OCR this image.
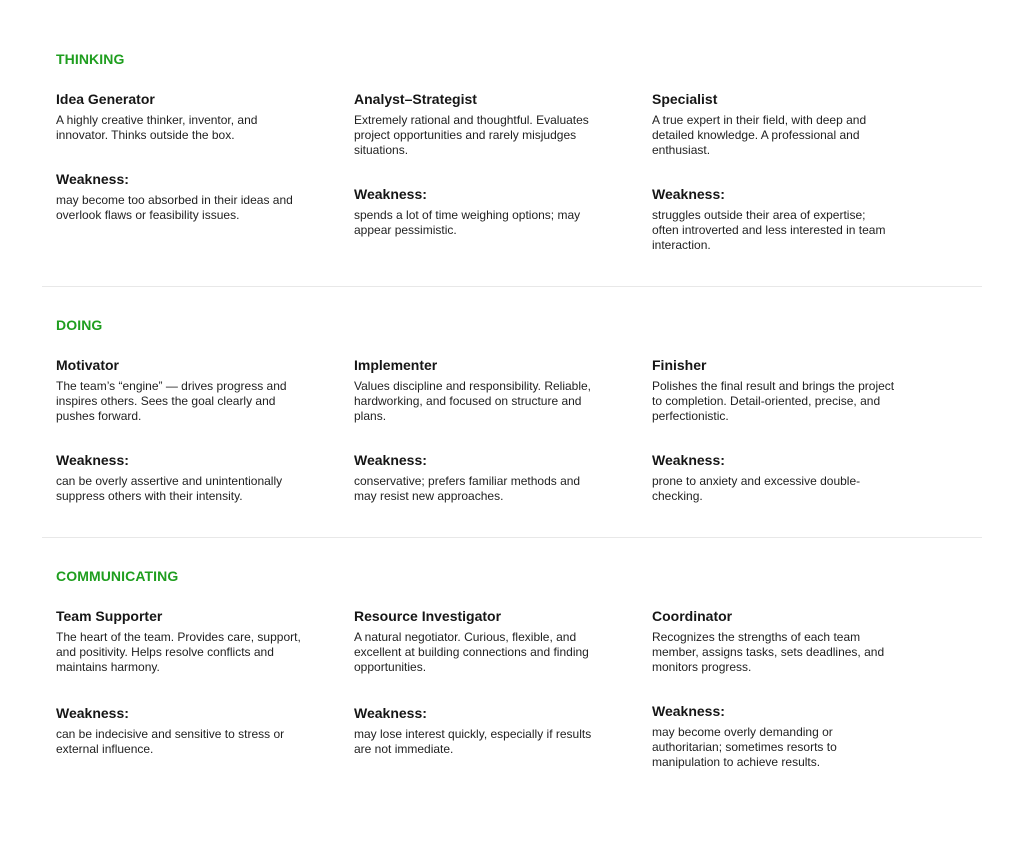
THINKING
Idea Generator
A highly creative thinker, inventor, and
innovator. Thinks outside the box.
Weakness:
may become too absorbed in their ideas and
overlook flaws or feasibility issues.
Analyst–Strategist
Extremely rational and thoughtful. Evaluates
project opportunities and rarely misjudges
situations.
Weakness:
spends a lot of time weighing options; may
appear pessimistic.
Specialist
A true expert in their field, with deep and
detailed knowledge. A professional and
enthusiast.
Weakness:
struggles outside their area of expertise;
often introverted and less interested in team
interaction.
DOING
Motivator
The team’s “engine” — drives progress and
inspires others. Sees the goal clearly and
pushes forward.
Weakness:
can be overly assertive and unintentionally
suppress others with their intensity.
Implementer
Values discipline and responsibility. Reliable,
hardworking, and focused on structure and
plans.
Weakness:
conservative; prefers familiar methods and
may resist new approaches.
Finisher
Polishes the final result and brings the project
to completion. Detail-oriented, precise, and
perfectionistic.
Weakness:
prone to anxiety and excessive double-
checking.
COMMUNICATING
Team Supporter
The heart of the team. Provides care, support,
and positivity. Helps resolve conflicts and
maintains harmony.
Weakness:
can be indecisive and sensitive to stress or
external influence.
Resource Investigator
A natural negotiator. Curious, flexible, and
excellent at building connections and finding
opportunities.
Weakness:
may lose interest quickly, especially if results
are not immediate.
Coordinator
Recognizes the strengths of each team
member, assigns tasks, sets deadlines, and
monitors progress.
Weakness:
may become overly demanding or
authoritarian; sometimes resorts to
manipulation to achieve results.
